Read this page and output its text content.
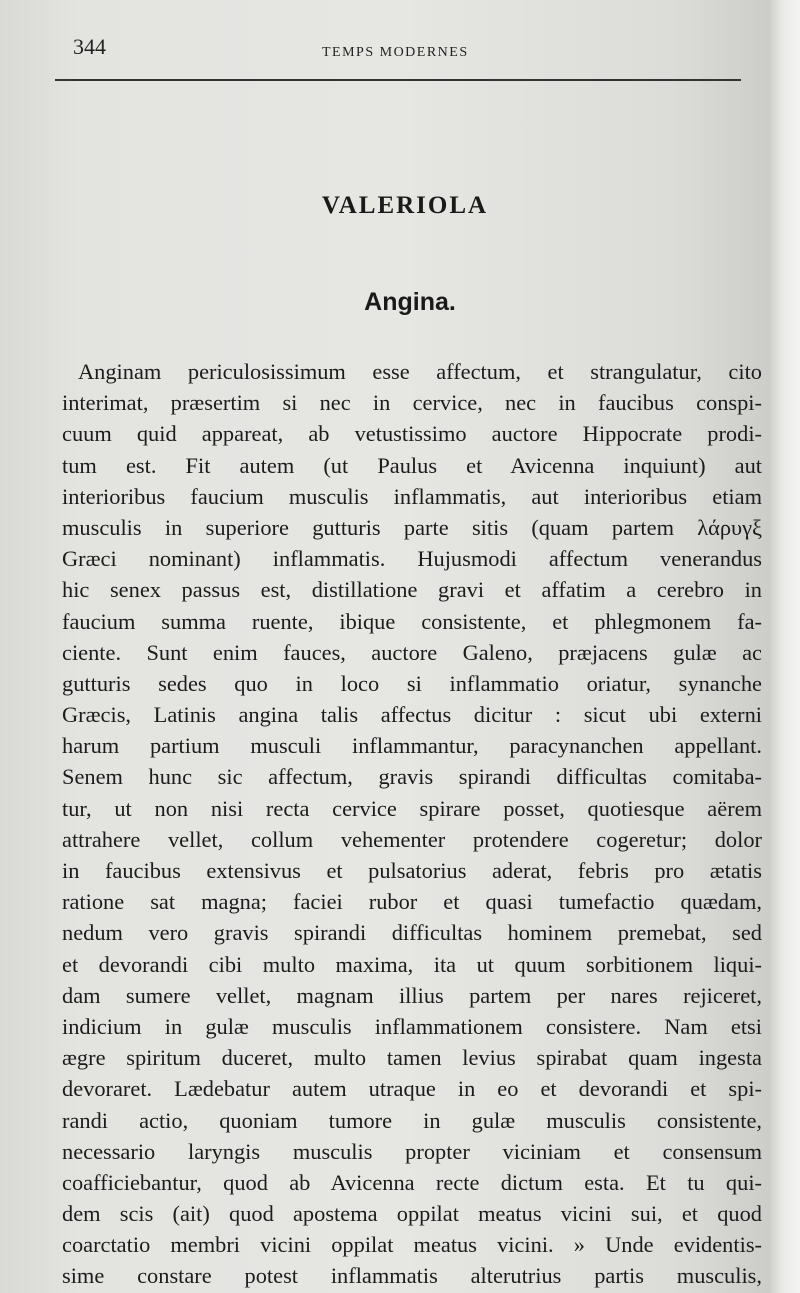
344	TEMPS MODERNES
VALERIOLA
Angina.
Anginam periculosissimum esse affectum, et strangulatur, cito
interimat, præsertim si nec in cervice, nec in faucibus conspi-
cuum quid appareat, ab vetustissimo auctore Hippocrate prodi-
tum est. Fit autem (ut Paulus et Avicenna inquiunt) aut
interioribus faucium musculis inflammatis, aut interioribus etiam
musculis in superiore gutturis parte sitis (quam partem λάρυγξ
Græci nominant) inflammatis. Hujusmodi affectum venerandus
hic senex passus est, distillatione gravi et affatim a cerebro in
faucium summa ruente, ibique consistente, et phlegmonem fa-
ciente. Sunt enim fauces, auctore Galeno, præjacens gulæ ac
gutturis sedes quo in loco si inflammatio oriatur, synanche
Græcis, Latinis angina talis affectus dicitur : sicut ubi externi
harum partium musculi inflammantur, paracynanchen appellant.
Senem hunc sic affectum, gravis spirandi difficultas comitaba-
tur, ut non nisi recta cervice spirare posset, quotiesque aërem
attrahere vellet, collum vehementer protendere cogeretur; dolor
in faucibus extensivus et pulsatorius aderat, febris pro ætatis
ratione sat magna; faciei rubor et quasi tumefactio quædam,
nedum vero gravis spirandi difficultas hominem premebat, sed
et devorandi cibi multo maxima, ita ut quum sorbitionem liqui-
dam sumere vellet, magnam illius partem per nares rejiceret,
indicium in gulæ musculis inflammationem consistere. Nam etsi
ægre spiritum duceret, multo tamen levius spirabat quam ingesta
devoraret. Lædebatur autem utraque in eo et devorandi et spi-
randi actio, quoniam tumore in gulæ musculis consistente,
necessario laryngis musculis propter viciniam et consensum
coafficiebantur, quod ab Avicenna recte dictum esta. Et tu qui-
dem scis (ait) quod apostema oppilat meatus vicini sui, et quod
coarctatio membri vicini oppilat meatus vicini. » Unde evidentis-
sime constare potest inflammatis alterutrius partis musculis,
